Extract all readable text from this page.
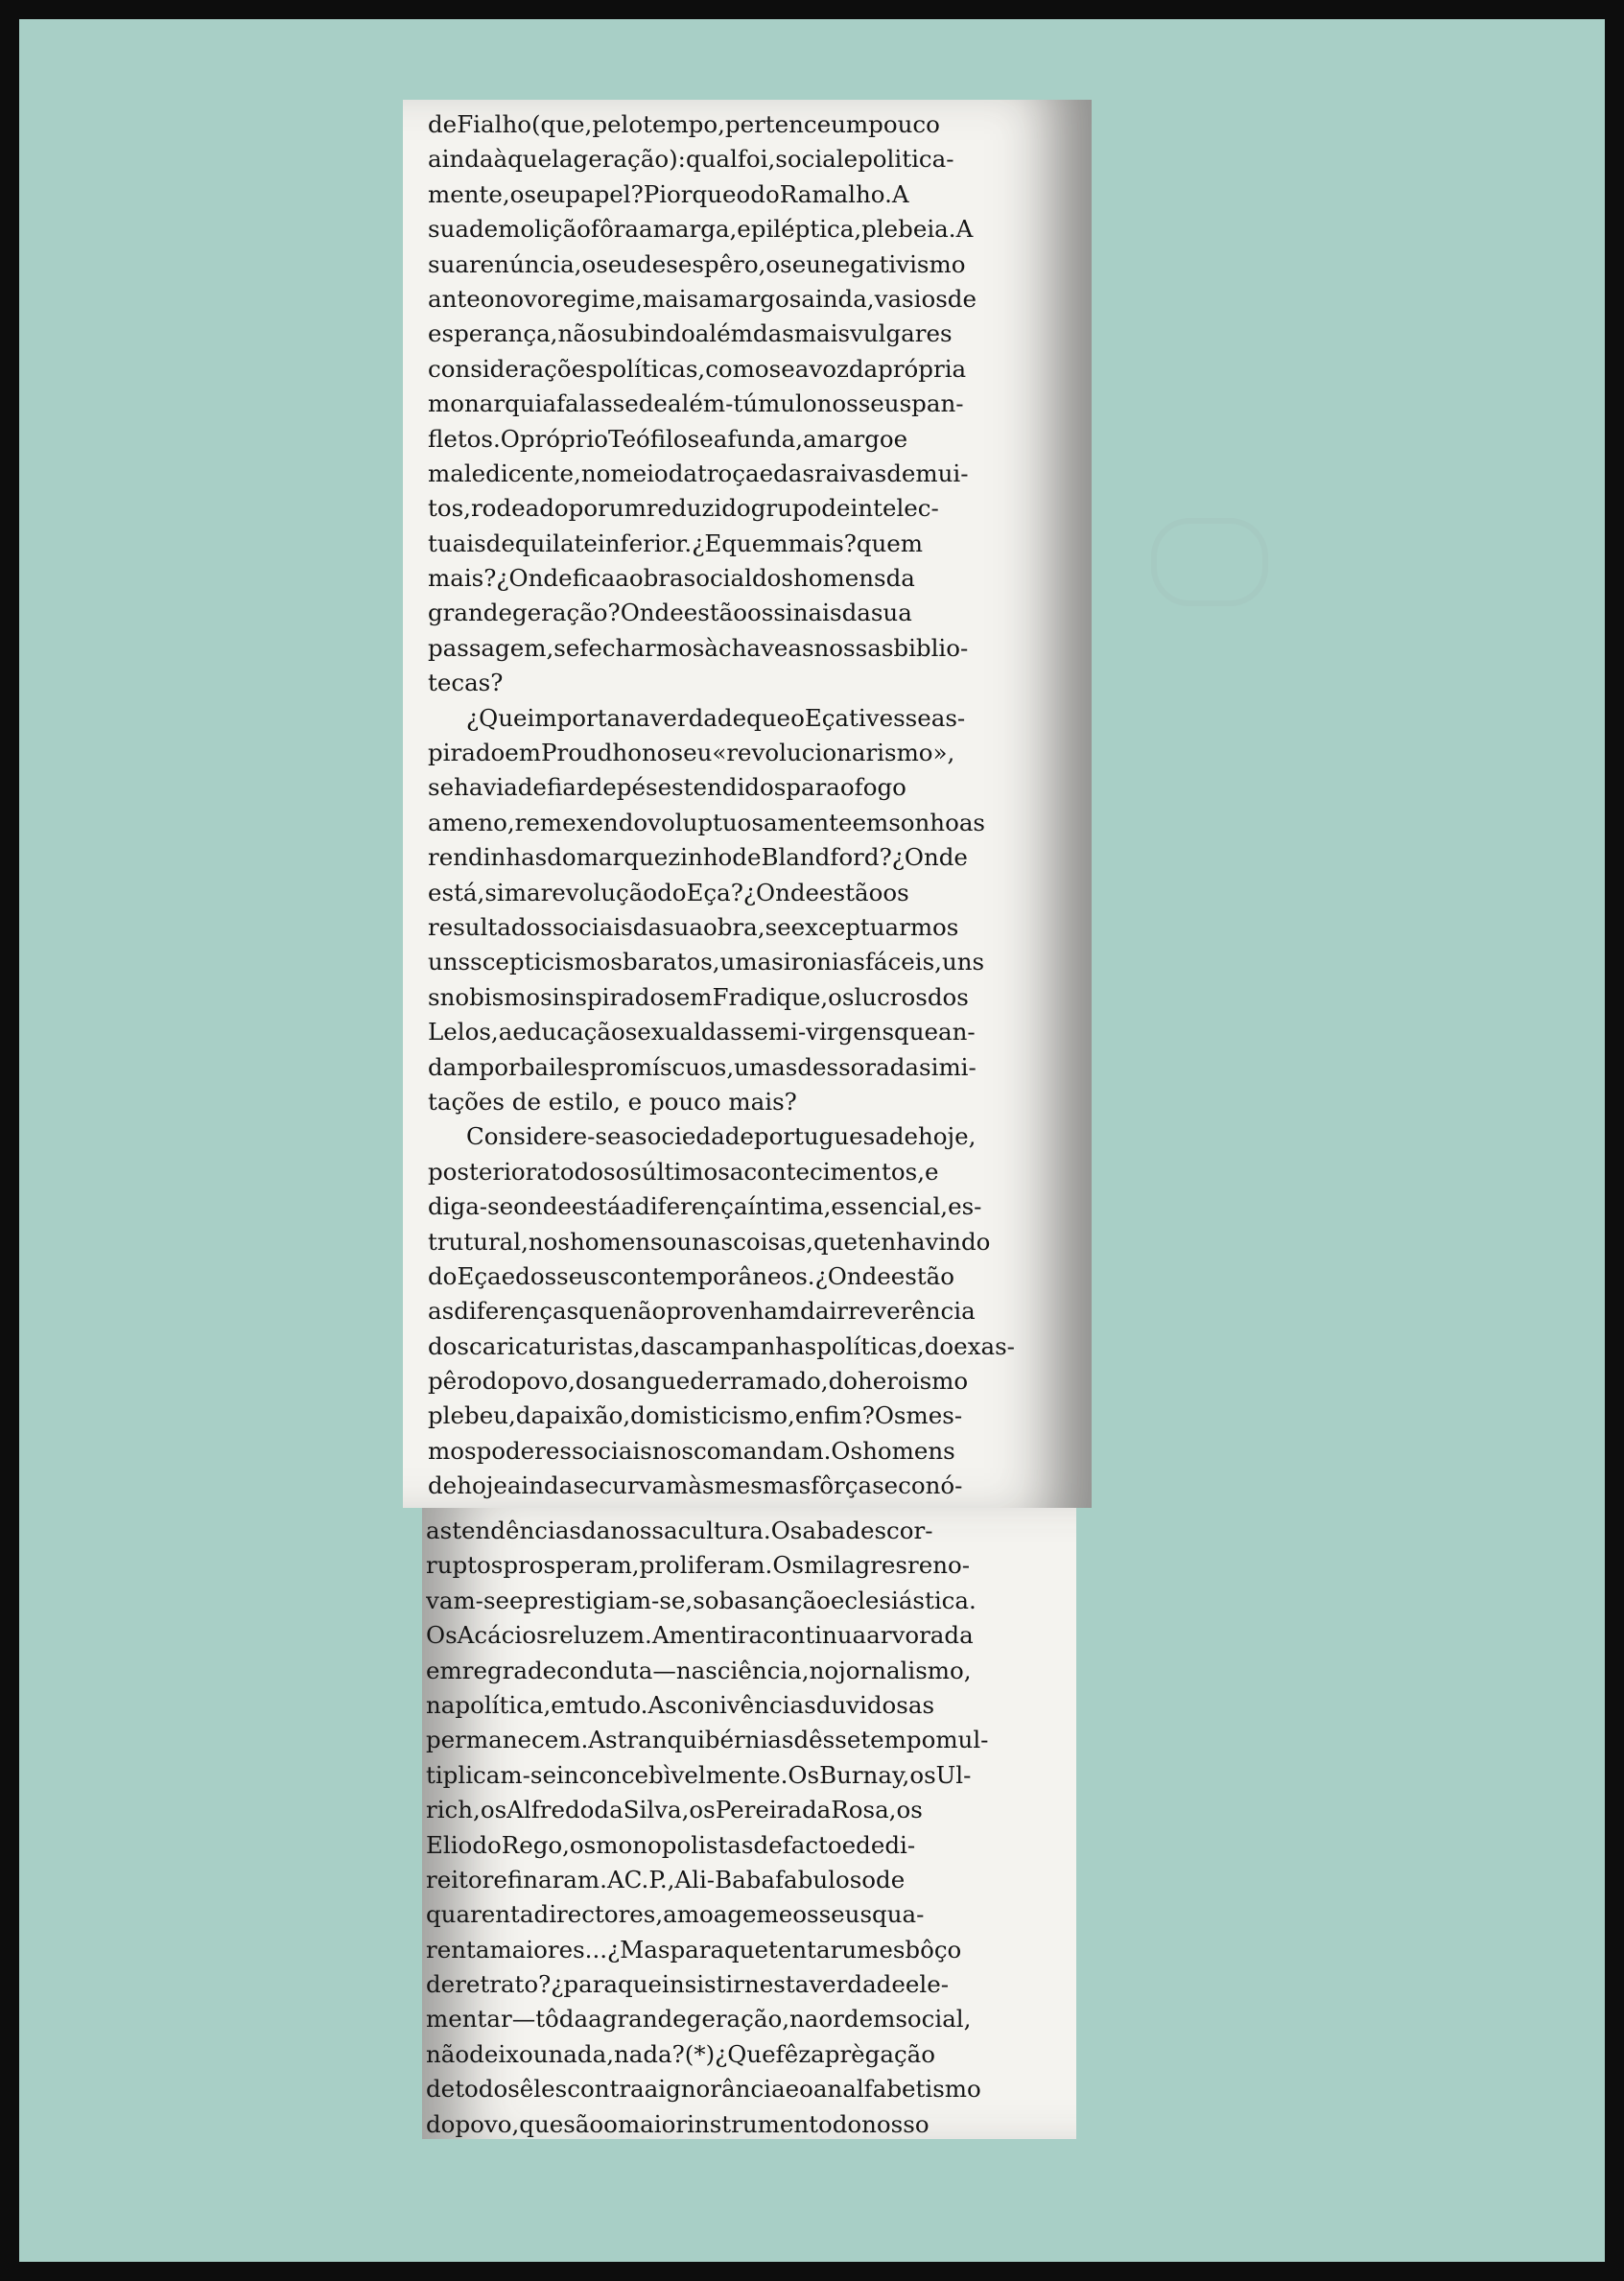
deFialho(que,pelotempo,pertenceumpouco
aindaàquelageração):qualfoi,socialepolitica-
mente,oseupapel?PiorqueodoRamalho.A
suademoliçãofôraamarga,epiléptica,plebeia.A
suarenúncia,oseudesespêro,oseunegativismo
anteonovoregime,maisamargosainda,vasiosde
esperança,nãosubindoalémdasmaisvulgares
consideraçõespolíticas,comoseavozdaprópria
monarquiafalassedealém-túmulonosseuspan-
fletos.OpróprioTeófiloseafunda,amargoe
maledicente,nomeiodatroçaedasraivasdemui-
tos,rodeadoporumreduzidogrupodeintelec-
tuaisdequilateinferior.¿Equemmais?quem
mais?¿Ondeficaaobrasocialdoshomensda
grandegeração?Ondeestãoossinaisdasua
passagem,sefecharmosàchaveasnossasbiblio-
tecas?
¿QueimportanaverdadequeoEçativesseas-
piradoemProudhonoseu«revolucionarismo»,
sehaviadefiardepésestendidosparaofogo
ameno,remexendovoluptuosamenteemsonhoas
rendinhasdomarquezinhodeBlandford?¿Onde
está,simarevoluçãodoEça?¿Ondeestãoos
resultadossociaisdasuaobra,seexceptuarmos
unsscepticismosbaratos,umasironiasfáceis,uns
snobismosinspiradosemFradique,oslucrosdos
Lelos,aeducaçãosexualdassemi-virgensquean-
damporbailespromíscuos,umasdessoradasimi-
tações de estilo, e pouco mais?
Considere-seasociedadeportuguesadehoje,
posterioratodososúltimosacontecimentos,e
diga-seondeestáadiferençaíntima,essencial,es-
trutural,noshomensounascoisas,quetenhavindo
doEçaedosseuscontemporâneos.¿Ondeestão
asdiferençasquenãoprovenhamdairreverência
doscaricaturistas,dascampanhaspolíticas,doexas-
pêrodopovo,dosanguederramado,doheroismo
plebeu,dapaixão,domisticismo,enfim?Osmes-
mospoderessociaisnoscomandam.Oshomens
dehojeaindasecurvamàsmesmasfôrçaseconó-
astendênciasdanossacultura.Osabadescor-
ruptosprosperam,proliferam.Osmilagresreno-
vam-seeprestigiam-se,sobasançãoeclesiástica.
OsAcáciosreluzem.Amentiracontinuaarvorada
emregradeconduta—nasciência,nojornalismo,
napolítica,emtudo.Asconivênciasduvidosas
permanecem.Astranquibérniasdêssetempomul-
tiplicam-seinconcebìvelmente.OsBurnay,osUl-
rich,osAlfredodaSilva,osPereiradaRosa,os
EliodoRego,osmonopolistasdefactoededi-
reitorefinaram.AC.P.,Ali-Babafabulosode
quarentadirectores,amoagemeosseusqua-
rentamaiores...¿Masparaquetentarumesbôço
deretrato?¿paraqueinsistirnestaverdadeele-
mentar—tôdaagrandegeração,naordemsocial,
nãodeixounada,nada?(*)¿Quefêzaprègação
detodosêlescontraaignorânciaeoanalfabetismo
dopovo,quesãoomaiorinstrumentodonosso
